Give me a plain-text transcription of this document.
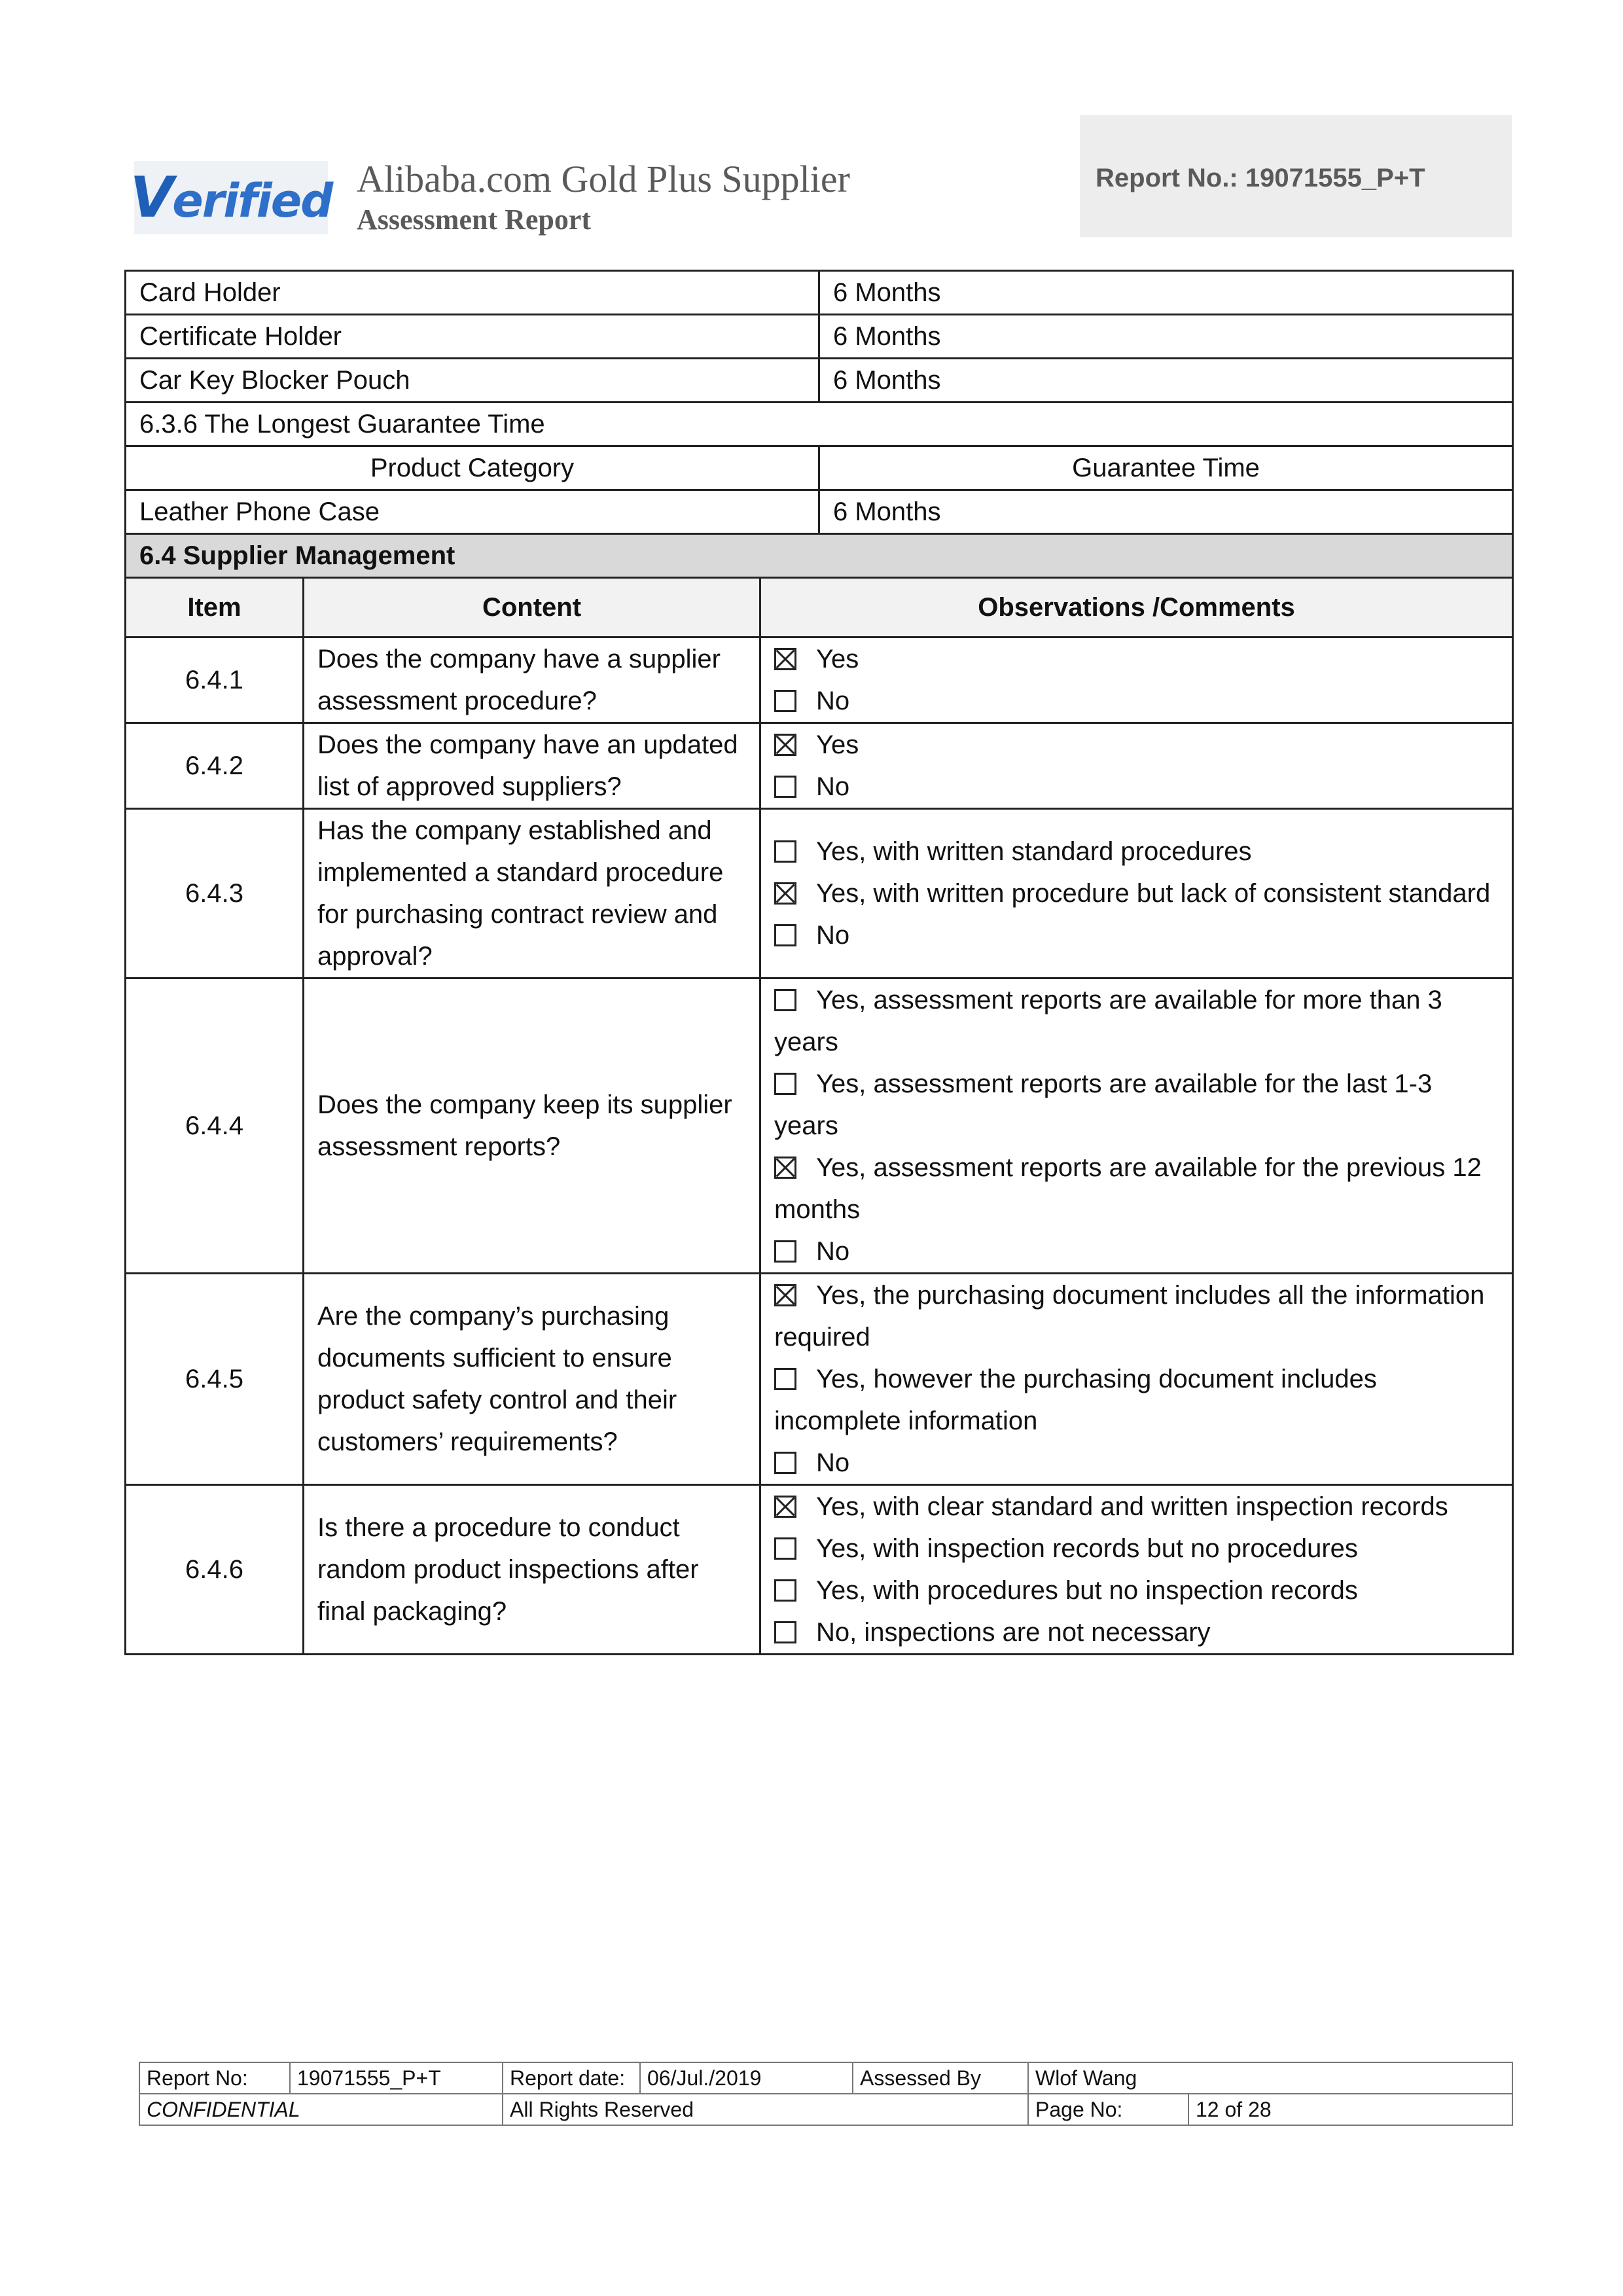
Verified Alibaba.com Gold Plus Supplier
Assessment Report
Report No.: 19071555_P+T
Card Holder	6 Months
Certificate Holder	6 Months
Car Key Blocker Pouch	6 Months
6.3.6 The Longest Guarantee Time	
Product Category	Guarantee Time
Leather Phone Case	6 Months
6.4 Supplier Management		
Item	Content	Observations /Comments
6.4.1	Does the company have a supplier assessment procedure?	Yes
No

6.4.2	Does the company have an updated list of approved suppliers?	Yes
No

6.4.3	Has the company established and implemented a standard procedure for purchasing contract review and approval?	Yes, with written standard procedures
Yes, with written procedure but lack of consistent standard
No

6.4.4	Does the company keep its supplier assessment reports?	Yes, assessment reports are available for more than 3 years
Yes, assessment reports are available for the last 1-3 years
Yes, assessment reports are available for the previous 12 months
No

6.4.5	Are the company’s purchasing documents sufficient to ensure product safety control and their customers’ requirements?	Yes, the purchasing document includes all the information required
Yes, however the purchasing document includes incomplete information
No

6.4.6	Is there a procedure to conduct random product inspections after final packaging?	Yes, with clear standard and written inspection records
Yes, with inspection records but no procedures
Yes, with procedures but no inspection records
No, inspections are not necessary
Report No:	19071555_P+T	Report date:	06/Jul./2019	Assessed By	Wlof Wang	
CONFIDENTIAL		All Rights Reserved			Page No:	12 of 28
